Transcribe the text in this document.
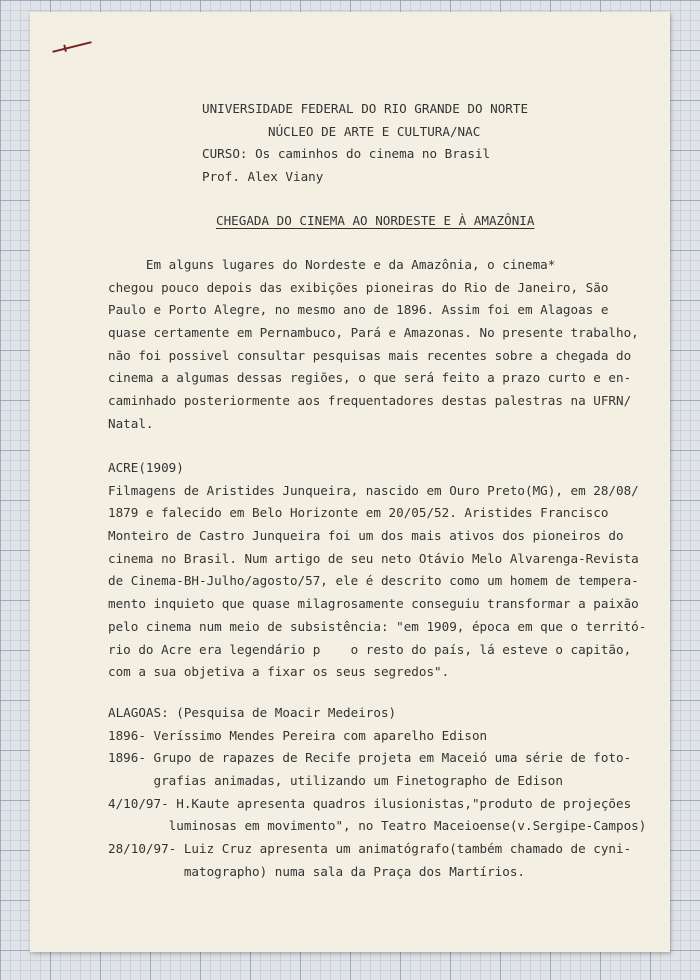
UNIVERSIDADE FEDERAL DO RIO GRANDE DO NORTE
NÚCLEO DE ARTE E CULTURA/NAC
CURSO: Os caminhos do cinema no Brasil
Prof. Alex Viany
CHEGADA DO CINEMA AO NORDESTE E À AMAZÔNIA
Em alguns lugares do Nordeste e da Amazônia, o cinema*
chegou pouco depois das exibições pioneiras do Rio de Janeiro, São
Paulo e Porto Alegre, no mesmo ano de 1896. Assim foi em Alagoas e
quase certamente em Pernambuco, Pará e Amazonas. No presente trabalho,
não foi possivel consultar pesquisas mais recentes sobre a chegada do
cinema a algumas dessas regiões, o que será feito a prazo curto e en-
caminhado posteriormente aos frequentadores destas palestras na UFRN/
Natal.
ACRE(1909)
Filmagens de Aristides Junqueira, nascido em Ouro Preto(MG), em 28/08/
1879 e falecido em Belo Horizonte em 20/05/52. Aristides Francisco
Monteiro de Castro Junqueira foi um dos mais ativos dos pioneiros do
cinema no Brasil. Num artigo de seu neto Otávio Melo Alvarenga-Revista
de Cinema-BH-Julho/agosto/57, ele é descrito como um homem de tempera-
mento inquieto que quase milagrosamente conseguiu transformar a paixão
pelo cinema num meio de subsistência: "em 1909, época em que o territó-
rio do Acre era legendário p    o resto do país, lá esteve o capitão,
com a sua objetiva a fixar os seus segredos".
ALAGOAS: (Pesquisa de Moacir Medeiros)
1896- Veríssimo Mendes Pereira com aparelho Edison
1896- Grupo de rapazes de Recife projeta em Maceió uma série de foto-
grafias animadas, utilizando um Finetographo de Edison
4/10/97- H.Kaute apresenta quadros ilusionistas,"produto de projeções
luminosas em movimento", no Teatro Maceioense(v.Sergipe-Campos)
28/10/97- Luiz Cruz apresenta um animatógrafo(também chamado de cyni-
matographo) numa sala da Praça dos Martírios.
